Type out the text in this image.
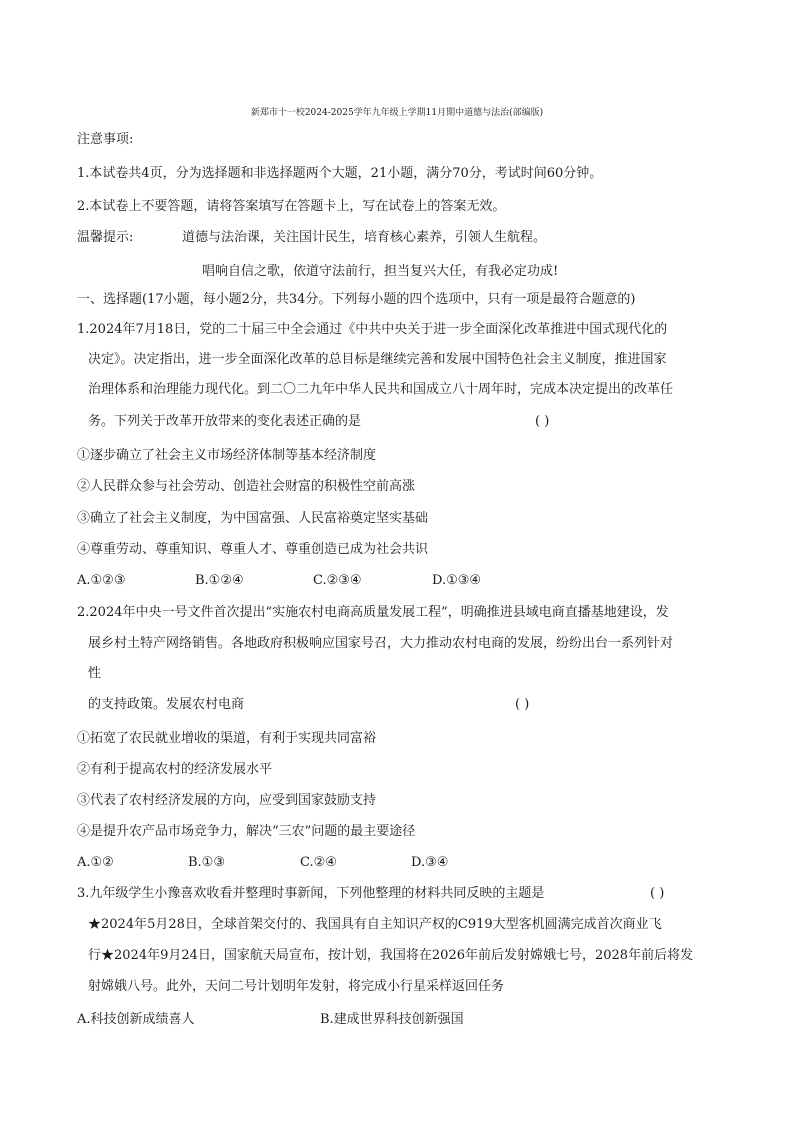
新郑市十一校2024-2025学年九年级上学期11月期中道德与法治(部编版)
注意事项:
1.本试卷共4页，分为选择题和非选择题两个大题，21小题，满分70分，考试时间60分钟。
2.本试卷上不要答题，请将答案填写在答题卡上，写在试卷上的答案无效。
温馨提示:	道德与法治课，关注国计民生，培育核心素养，引领人生航程。
唱响自信之歌，依道守法前行，担当复兴大任，有我必定功成!
一、选择题(17小题，每小题2分，共34分。下列每小题的四个选项中，只有一项是最符合题意的)
1.2024年7月18日，党的二十届三中全会通过《中共中央关于进一步全面深化改革推进中国式现代化的
决定》。决定指出，进一步全面深化改革的总目标是继续完善和发展中国特色社会主义制度，推进国家
治理体系和治理能力现代化。到二〇二九年中华人民共和国成立八十周年时，完成本决定提出的改革任
务。下列关于改革开放带来的变化表述正确的是	( )
①逐步确立了社会主义市场经济体制等基本经济制度
②人民群众参与社会劳动、创造社会财富的积极性空前高涨
③确立了社会主义制度，为中国富强、人民富裕奠定坚实基础
④尊重劳动、尊重知识、尊重人才、尊重创造已成为社会共识
A.①②③	B.①②④	C.②③④	D.①③④
2.2024年中央一号文件首次提出“实施农村电商高质量发展工程”，明确推进县域电商直播基地建设，发
展乡村土特产网络销售。各地政府积极响应国家号召，大力推动农村电商的发展，纷纷出台一系列针对
性
的支持政策。发展农村电商	( )
①拓宽了农民就业增收的渠道，有利于实现共同富裕
②有利于提高农村的经济发展水平
③代表了农村经济发展的方向，应受到国家鼓励支持
④是提升农产品市场竞争力，解决“三农”问题的最主要途径
A.①②	B.①③	C.②④	D.③④
3.九年级学生小豫喜欢收看并整理时事新闻，下列他整理的材料共同反映的主题是	( )
★2024年5月28日，全球首架交付的、我国具有自主知识产权的C919大型客机圆满完成首次商业飞
行★2024年9月24日，国家航天局宣布，按计划，我国将在2026年前后发射嫦娥七号，2028年前后将发
射嫦娥八号。此外，天问二号计划明年发射，将完成小行星采样返回任务
A.科技创新成绩喜人	B.建成世界科技创新强国
